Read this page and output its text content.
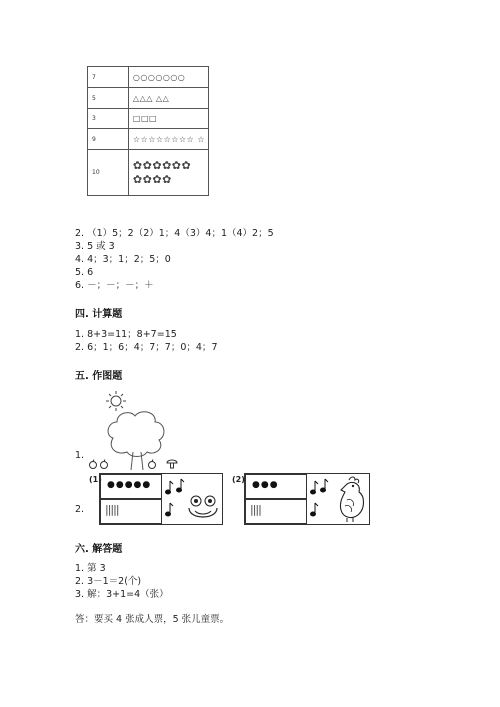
7	○○○○○○○
5	△△△ △△
3	□□□
9	☆☆☆☆☆☆☆☆ ☆
10	✿✿✿✿✿✿
✿✿✿✿
2. （1）5；2（2）1；4（3）4；1（4）2；5
3. 5 或 3
4. 4；3；1；2；5；0
5. 6
6. －；－；－；＋
四. 计算题
1. 8+3=11；8+7=15
2. 6；1；6；4；7；7；0；4；7
五. 作图题
1.
2.
(1)
●●●●●
|||||
(2)
●●●
||||
六. 解答题
1. 第 3
2. 3－1＝2(个)
3. 解：3+1=4（张）
答：要买 4 张成人票，5 张儿童票。
